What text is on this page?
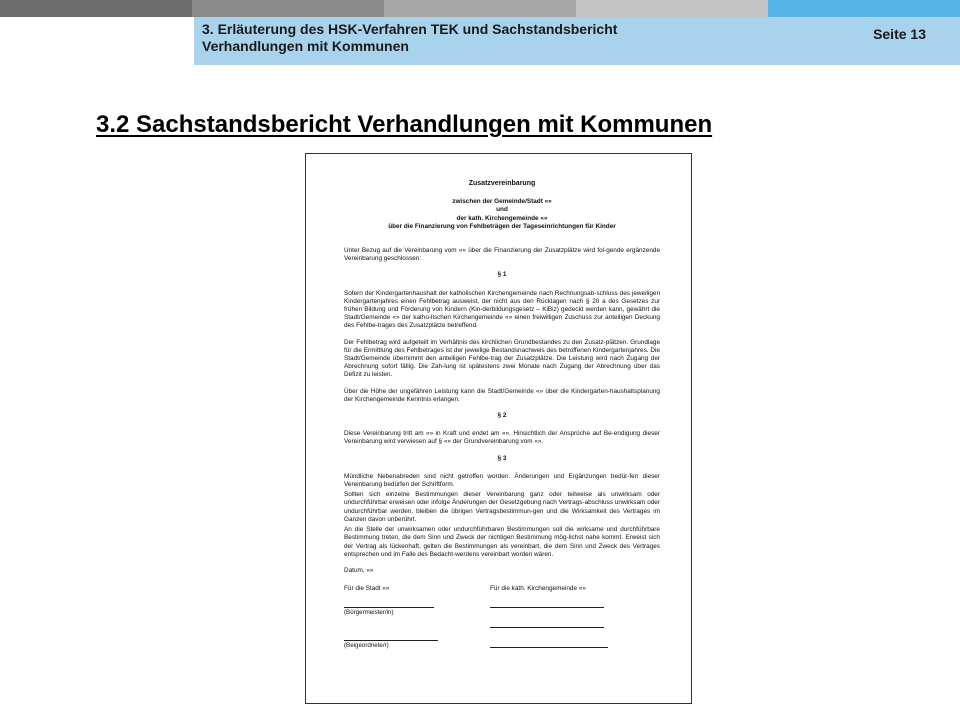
3. Erläuterung des HSK-Verfahren TEK und Sachstandsbericht Verhandlungen mit Kommunen
Seite 13
3.2 Sachstandsbericht Verhandlungen mit Kommunen
Zusatzvereinbarung
zwischen der Gemeinde/Stadt «»
und
der kath. Kirchengemeinde «»
über die Finanzierung von Fehlbeträgen der Tageseinrichtungen für Kinder

Unter Bezug auf die Vereinbarung vom «» über die Finanzierung der Zusatzplätze wird fol-gende ergänzende Vereinbarung geschlossen:

§ 1

Sofern der Kindergartenhaushalt der katholischen Kirchengemeinde nach Rechnungsab-schluss des jeweiligen Kindergartenjahres einen Fehlbetrag ausweist, der nicht aus den Rücklagen nach § 20 a des Gesetzes zur frühen Bildung und Förderung von Kindern (Kin-derbildungsgesetz – KiBiz) gedeckt werden kann, gewährt die Stadt/Gemeinde «» der katho-lischen Kirchengemeinde «» einen freiwilligen Zuschuss zur anteiligen Deckung des Fehlbe-trages des Zusatzplätze betreffend.

Der Fehlbetrag wird aufgeteilt im Verhältnis des kirchlichen Grundbestandes zu den Zusatz-plätzen. Grundlage für die Ermittlung des Fehlbetrages ist der jeweilige Bestandsnachweis des betroffenen Kindergartenjahres. Die Stadt/Gemeinde übernimmt den anteiligen Fehlbe-trag der Zusatzplätze. Die Leistung wird nach Zugang der Abrechnung sofort fällig. Die Zah-lung ist spätestens zwei Monate nach Zugang der Abrechnung über das Defizit zu leisten.

Über die Höhe der ungefähren Leistung kann die Stadt/Gemeinde «» über die Kindergarten-haushaltsplanung der Kirchengemeinde Kenntnis erlangen.

§ 2

Diese Vereinbarung tritt am «» in Kraft und endet am «». Hinsichtlich der Ansprüche auf Be-endigung dieser Vereinbarung wird verwiesen auf § «» der Grundvereinbarung vom «».

§ 3

Mündliche Nebenabreden sind nicht getroffen worden. Änderungen und Ergänzungen bedür-fen dieser Vereinbarung bedürfen der Schriftform.

Sollten sich einzelne Bestimmungen dieser Vereinbarung ganz oder teilweise als unwirksam oder undurchführbar erweisen oder infolge Änderungen der Gesetzgebung nach Vertrags-abschluss unwirksam oder undurchführbar werden, bleiben die übrigen Vertragsbestimmun-gen und die Wirksamkeit des Vertrages im Ganzen davon unberührt.

An die Stelle der unwirksamen oder undurchführbaren Bestimmungen soll die wirksame und durchführbare Bestimmung treten, die dem Sinn und Zweck der nichtigen Bestimmung mög-lichst nahe kommt. Erweist sich der Vertrag als lückenhaft, gelten die Bestimmungen als vereinbart, die dem Sinn und Zweck des Vertrages entsprechen und im Falle des Bedacht-werdens vereinbart worden wären.

Datum, «»
Für die Stadt «»
(Bürgermeister/in)
(Beigeordnete/r)
Für die kath. Kirchengemeinde «»
